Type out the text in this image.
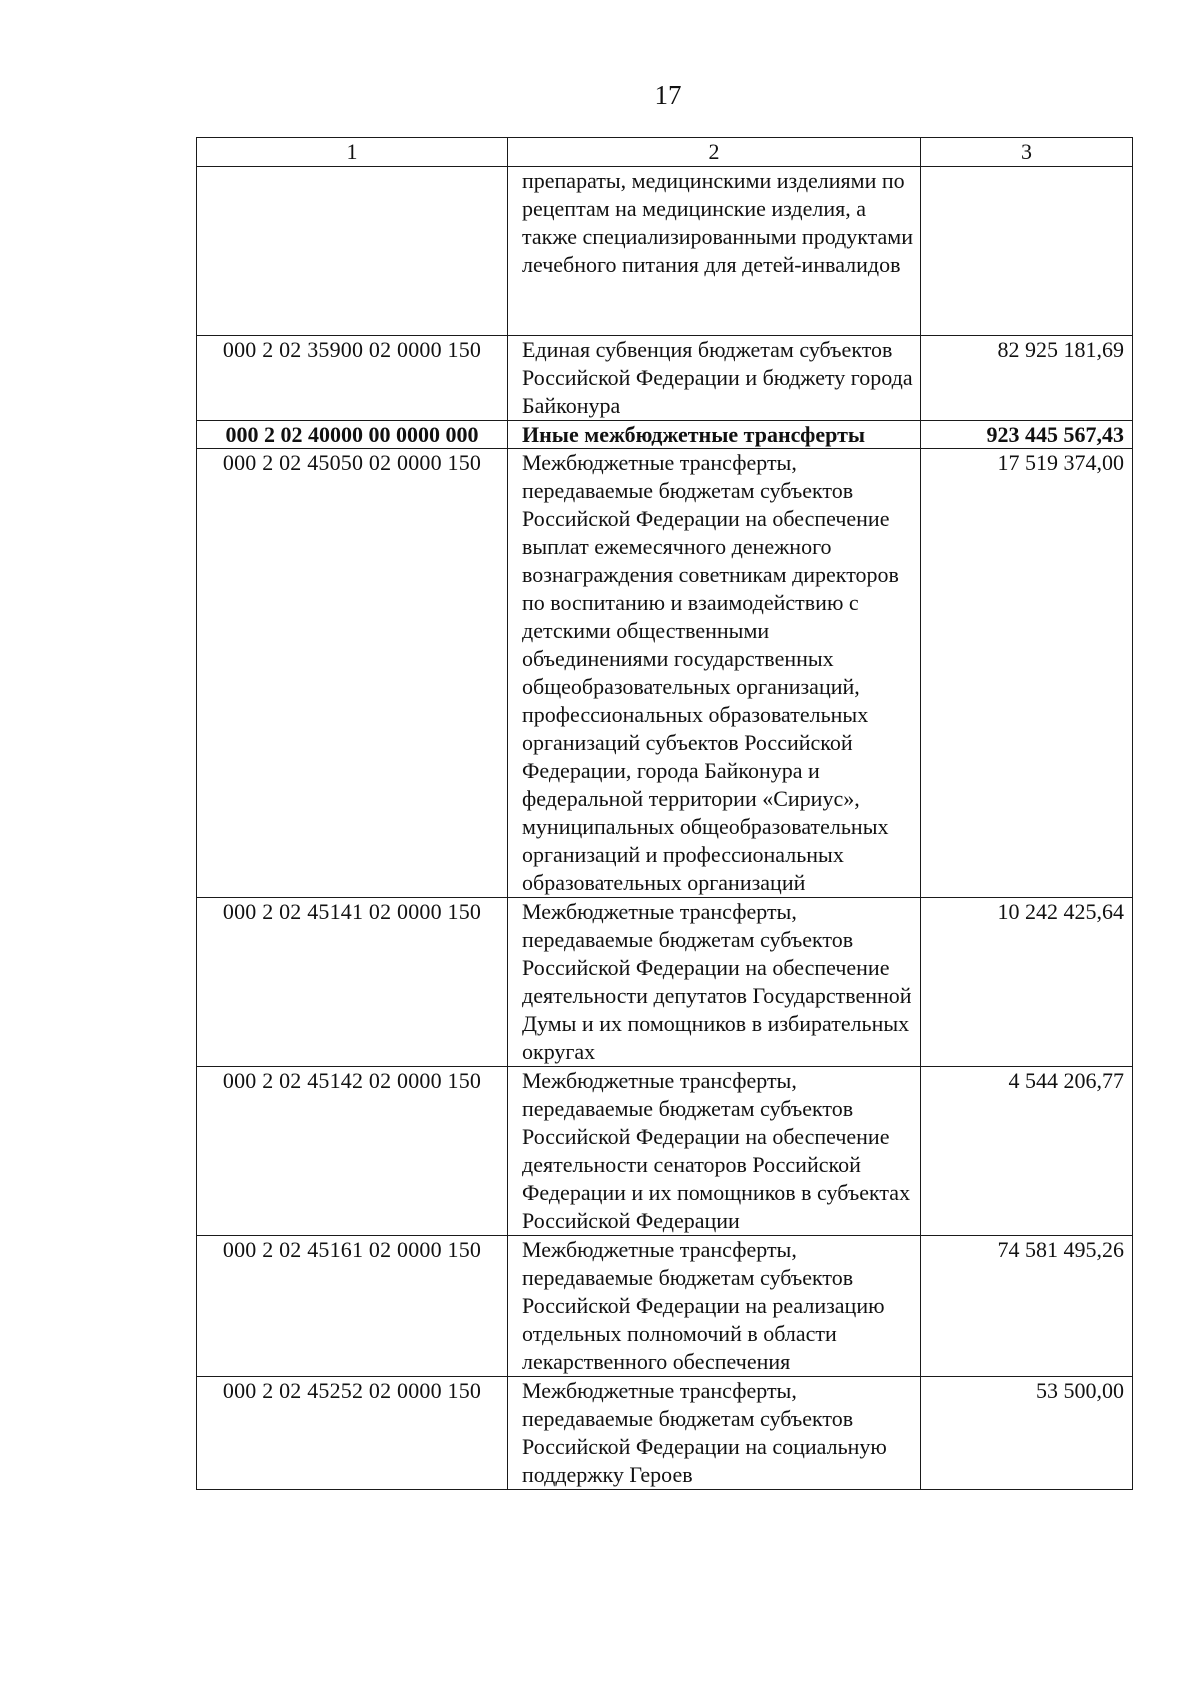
17
1	2	3
	препараты, медицинскими изделиями по рецептам на медицинские изделия, а также специализированными продуктами лечебного питания для детей-инвалидов	
000 2 02 35900 02 0000 150	Единая субвенция бюджетам субъектов Российской Федерации и бюджету города Байконура	82 925 181,69
000 2 02 40000 00 0000 000	Иные межбюджетные трансферты	923 445 567,43
000 2 02 45050 02 0000 150	Межбюджетные трансферты, передаваемые бюджетам субъектов Российской Федерации на обеспечение выплат ежемесячного денежного вознаграждения советникам директоров по воспитанию и взаимодействию с детскими общественными объединениями государственных общеобразовательных организаций, профессиональных образовательных организаций субъектов Российской Федерации, города Байконура и федеральной территории «Сириус», муниципальных общеобразовательных организаций и профессиональных образовательных организаций	17 519 374,00
000 2 02 45141 02 0000 150	Межбюджетные трансферты, передаваемые бюджетам субъектов Российской Федерации на обеспечение деятельности депутатов Государственной Думы и их помощников в избирательных округах	10 242 425,64
000 2 02 45142 02 0000 150	Межбюджетные трансферты, передаваемые бюджетам субъектов Российской Федерации на обеспечение деятельности сенаторов Российской Федерации и их помощников в субъектах Российской Федерации	4 544 206,77
000 2 02 45161 02 0000 150	Межбюджетные трансферты, передаваемые бюджетам субъектов Российской Федерации на реализацию отдельных полномочий в области лекарственного обеспечения	74 581 495,26
000 2 02 45252 02 0000 150	Межбюджетные трансферты, передаваемые бюджетам субъектов Российской Федерации на социальную поддержку Героев	53 500,00
